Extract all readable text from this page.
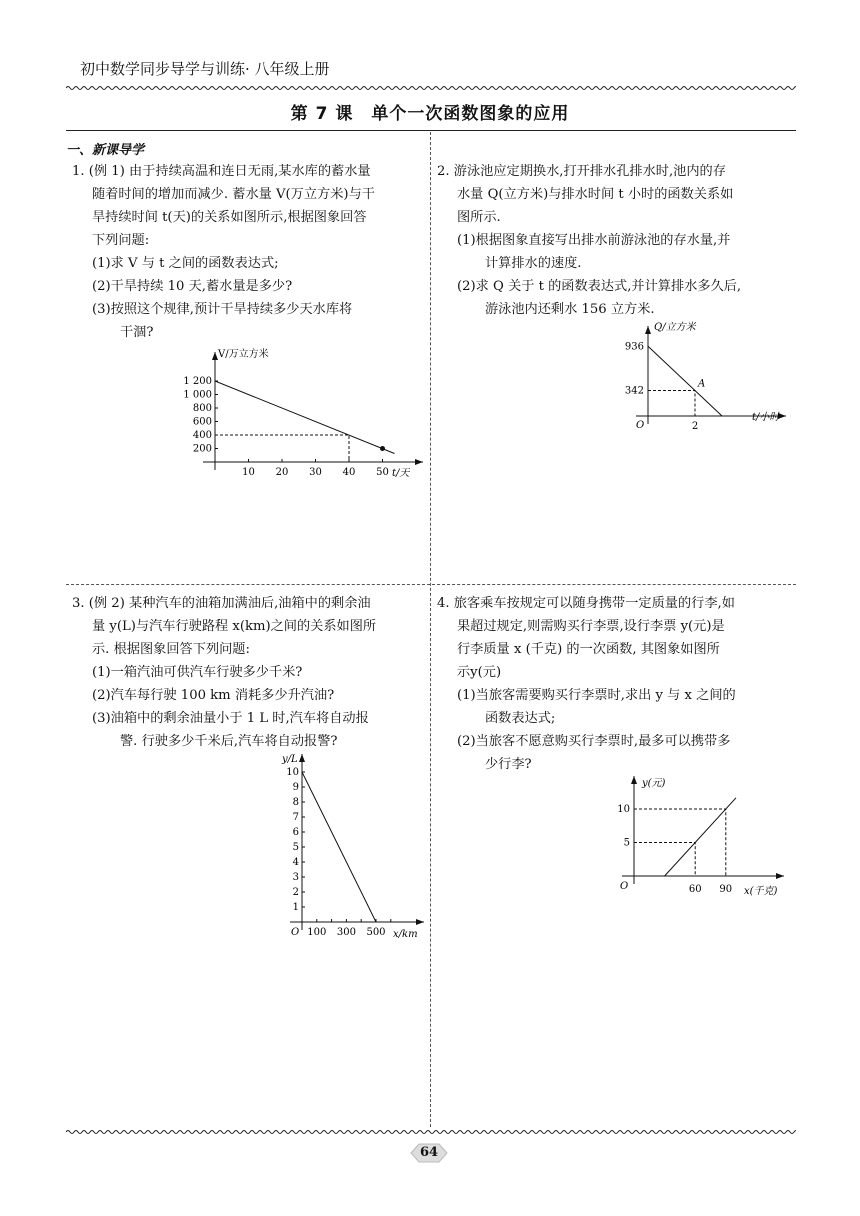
初中数学同步导学与训练· 八年级上册
第 7 课　单个一次函数图象的应用
一、新课导学

1. (例 1) 由于持续高温和连日无雨,某水库的蓄水量

随着时间的增加而减少. 蓄水量 V(万立方米)与干

旱持续时间 t(天)的关系如图所示,根据图象回答

下列问题:

(1)求 V 与 t 之间的函数表达式;

(2)干旱持续 10 天,蓄水量是多少?

(3)按照这个规律,预计干旱持续多少天水库将

干涸?

V/万立方米
t/天
10 20 30 40 50
200
400
600
800
1 000
1 200

2. 游泳池应定期换水,打开排水孔排水时,池内的存

水量 Q(立方米)与排水时间 t 小时的函数关系如

图所示.

(1)根据图象直接写出排水前游泳池的存水量,并

计算排水的速度.

(2)求 Q 关于 t 的函数表达式,并计算排水多久后,

游泳池内还剩水 156 立方米.

Q/立方米
t/小时
O	2
342
936
A

3. (例 2) 某种汽车的油箱加满油后,油箱中的剩余油

量 y(L)与汽车行驶路程 x(km)之间的关系如图所

示. 根据图象回答下列问题:

(1)一箱汽油可供汽车行驶多少千米?

(2)汽车每行驶 100 km 消耗多少升汽油?

(3)油箱中的剩余油量小于 1 L 时,汽车将自动报

警. 行驶多少千米后,汽车将自动报警?

y/L
x/km
O 100 300 500
1
2
3
4
5
6
7
8
9
10

4. 旅客乘车按规定可以随身携带一定质量的行李,如

果超过规定,则需购买行李票,设行李票 y(元)是

行李质量 x (千克) 的一次函数, 其图象如图所

示y(元)

(1)当旅客需要购买行李票时,求出 y 与 x 之间的

函数表达式;

(2)当旅客不愿意购买行李票时,最多可以携带多

少行李?

y(元)
x(千克)
O	60 90
5
10
64
